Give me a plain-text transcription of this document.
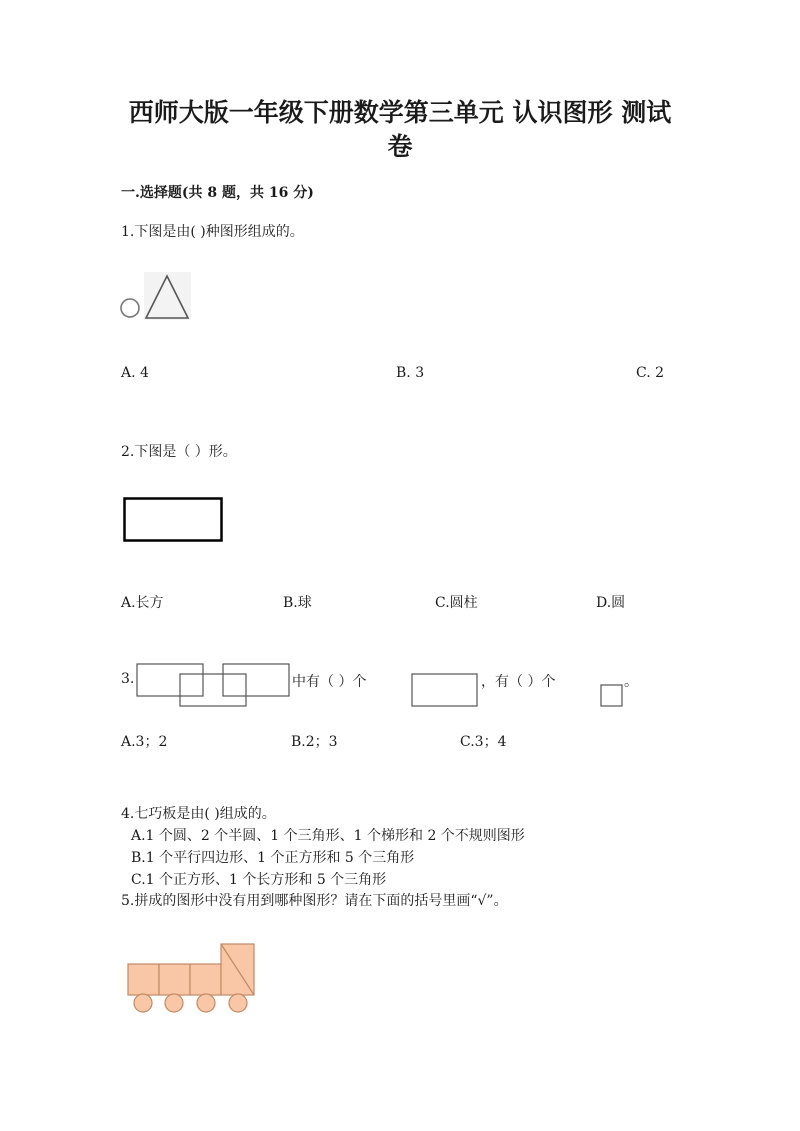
西师大版一年级下册数学第三单元 认识图形 测试卷
一.选择题(共 8 题，共 16 分)
1.下图是由( )种图形组成的。
A. 4	B. 3	C. 2
2.下图是（ ）形。
A.长方	B.球	C.圆柱	D.圆
3.	中有（ ）个	，有（ ）个	。
A.3；2	B.2；3	C.3；4
4.七巧板是由( )组成的。
A.1 个圆、2 个半圆、1 个三角形、1 个梯形和 2 个不规则图形
B.1 个平行四边形、1 个正方形和 5 个三角形
C.1 个正方形、1 个长方形和 5 个三角形
5.拼成的图形中没有用到哪种图形？请在下面的括号里画“√”。
